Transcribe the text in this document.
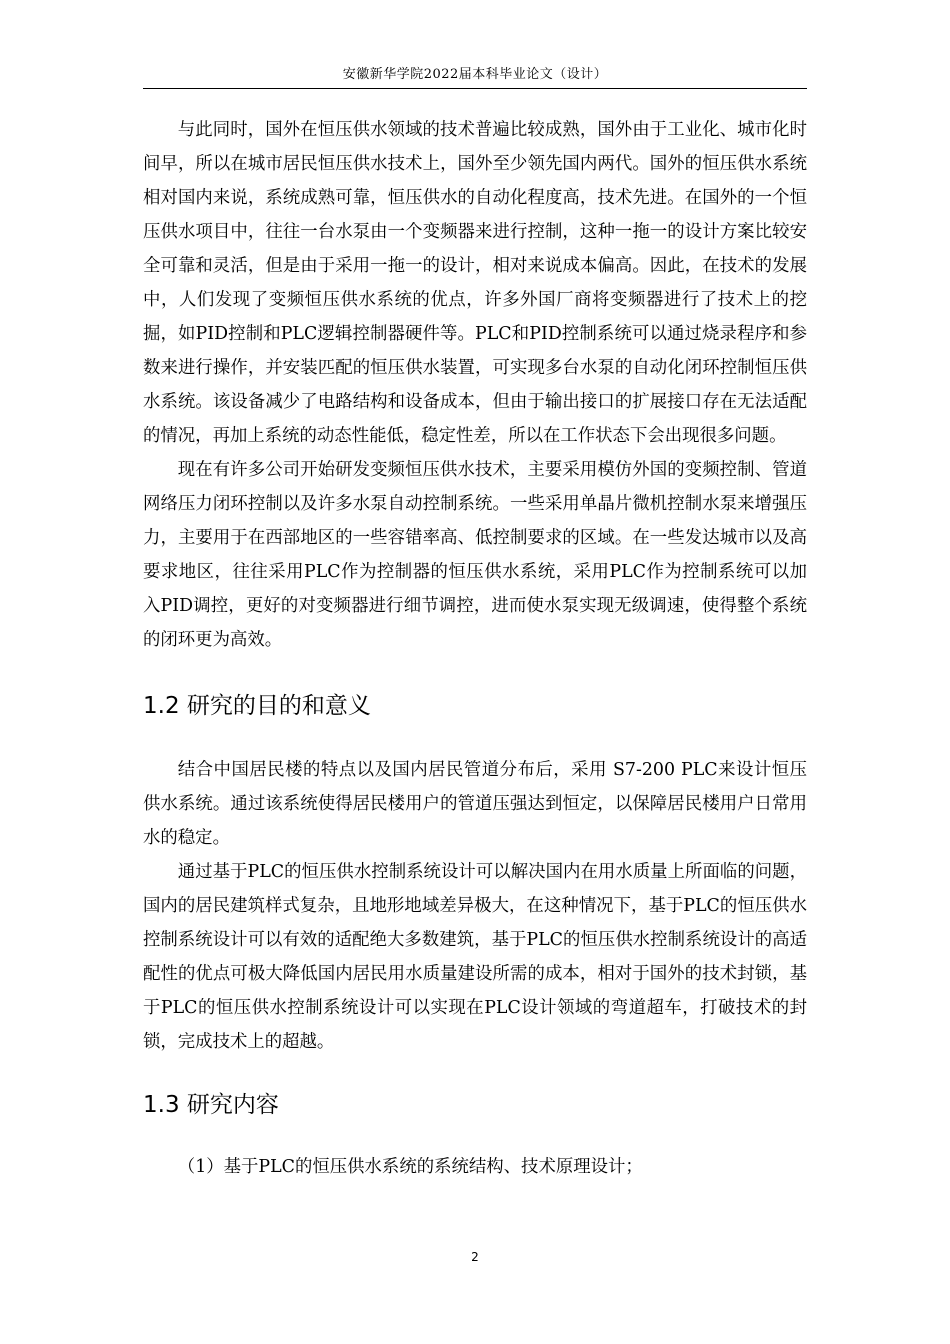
安徽新华学院2022届本科毕业论文（设计）

与此同时，国外在恒压供水领域的技术普遍比较成熟，国外由于工业化、城市化时间早，所以在城市居民恒压供水技术上，国外至少领先国内两代。国外的恒压供水系统相对国内来说，系统成熟可靠，恒压供水的自动化程度高，技术先进。在国外的一个恒压供水项目中，往往一台水泵由一个变频器来进行控制，这种一拖一的设计方案比较安全可靠和灵活，但是由于采用一拖一的设计，相对来说成本偏高。因此，在技术的发展中，人们发现了变频恒压供水系统的优点，许多外国厂商将变频器进行了技术上的挖掘，如PID控制和PLC逻辑控制器硬件等。PLC和PID控制系统可以通过烧录程序和参数来进行操作，并安装匹配的恒压供水装置，可实现多台水泵的自动化闭环控制恒压供水系统。该设备减少了电路结构和设备成本，但由于输出接口的扩展接口存在无法适配的情况，再加上系统的动态性能低，稳定性差，所以在工作状态下会出现很多问题。

现在有许多公司开始研发变频恒压供水技术，主要采用模仿外国的变频控制、管道网络压力闭环控制以及许多水泵自动控制系统。一些采用单晶片微机控制水泵来增强压力，主要用于在西部地区的一些容错率高、低控制要求的区域。在一些发达城市以及高要求地区，往往采用PLC作为控制器的恒压供水系统，采用PLC作为控制系统可以加入PID调控，更好的对变频器进行细节调控，进而使水泵实现无级调速，使得整个系统的闭环更为高效。

1.2 研究的目的和意义

结合中国居民楼的特点以及国内居民管道分布后，采用 S7-200 PLC来设计恒压供水系统。通过该系统使得居民楼用户的管道压强达到恒定，以保障居民楼用户日常用水的稳定。

通过基于PLC的恒压供水控制系统设计可以解决国内在用水质量上所面临的问题，国内的居民建筑样式复杂，且地形地域差异极大，在这种情况下，基于PLC的恒压供水控制系统设计可以有效的适配绝大多数建筑，基于PLC的恒压供水控制系统设计的高适配性的优点可极大降低国内居民用水质量建设所需的成本，相对于国外的技术封锁，基于PLC的恒压供水控制系统设计可以实现在PLC设计领域的弯道超车，打破技术的封锁，完成技术上的超越。

1.3 研究内容

（1）基于PLC的恒压供水系统的系统结构、技术原理设计；

2
